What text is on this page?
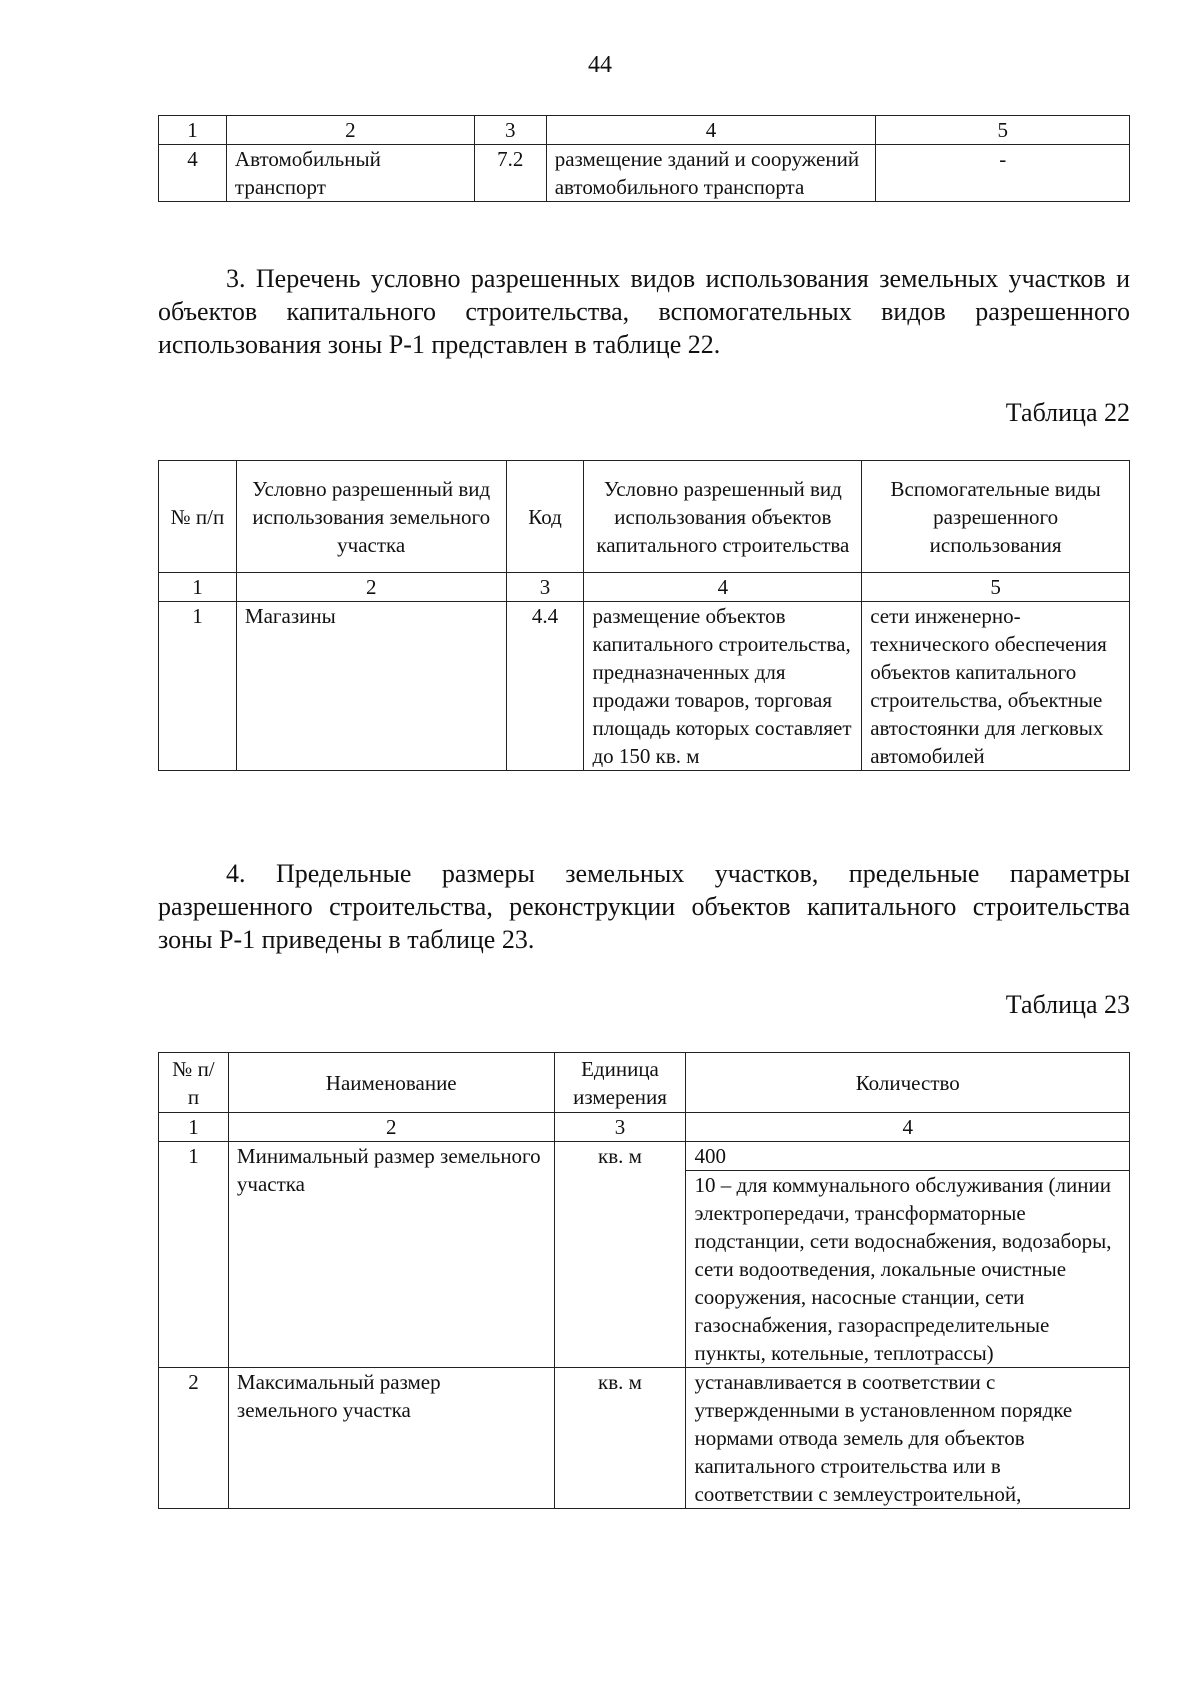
44
1	2	3	4	5
4	Автомобильный транспорт	7.2	размещение зданий и сооружений автомобильного транспорта	-
3. Перечень условно разрешенных видов использования земельных участков и объектов капитального строительства, вспомогательных видов разрешенного использования зоны Р-1 представлен в таблице 22.
Таблица 22
№ п/п	Условно разрешенный вид использования земельного участка	Код	Условно разрешенный вид использования объектов капитального строительства	Вспомогательные виды разрешенного использования
1	2	3	4	5
1	Магазины	4.4	размещение объектов капитального строительства, предназначенных для продажи товаров, торговая площадь которых составляет до 150 кв. м	сети инженерно-технического обеспечения объектов капитального строительства, объектные автостоянки для легковых автомобилей
4. Предельные размеры земельных участков, предельные параметры разрешенного строительства, реконструкции объектов капитального строительства зоны Р-1 приведены в таблице 23.
Таблица 23
№ п/п	Наименование	Единица измерения	Количество
1	2	3	4
1	Минимальный размер земельного участка	кв. м	400
			10 – для коммунального обслуживания (линии электропередачи, трансформаторные подстанции, сети водоснабжения, водозаборы, сети водоотведения, локальные очистные сооружения, насосные станции, сети газоснабжения, газораспределительные пункты, котельные, теплотрассы)
2	Максимальный размер земельного участка	кв. м	устанавливается в соответствии с утвержденными в установленном порядке нормами отвода земель для объектов капитального строительства или в соответствии с землеустроительной,
